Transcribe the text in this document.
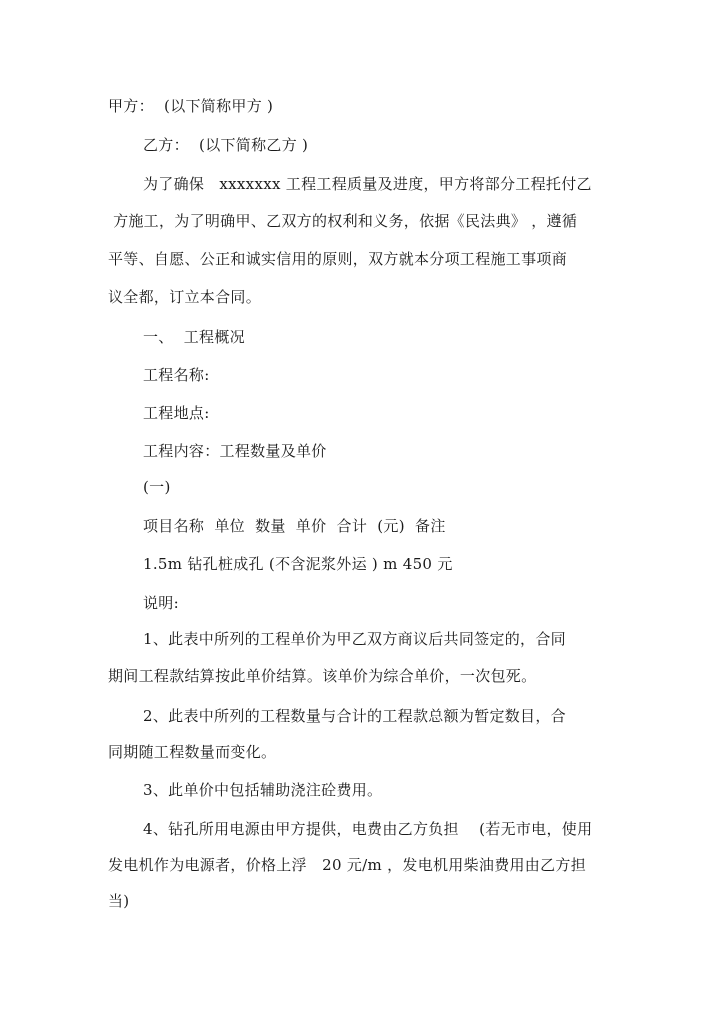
甲方：  (以下简称甲方 )
乙方：  (以下简称乙方 )
为了确保   xxxxxxx 工程工程质量及进度，甲方将部分工程托付乙
方施工，为了明确甲、乙双方的权利和义务，依据《民法典》 ，遵循
平等、自愿、公正和诚实信用的原则，双方就本分项工程施工事项商
议全都，订立本合同。
一、  工程概况
工程名称:
工程地点:
工程内容：工程数量及单价
(一)
项目名称  单位  数量  单价  合计  (元)  备注
1.5m 钻孔桩成孔 (不含泥浆外运 ) m 450 元
说明:
1、此表中所列的工程单价为甲乙双方商议后共同签定的，合同
期间工程款结算按此单价结算。该单价为综合单价，一次包死。
2、此表中所列的工程数量与合计的工程款总额为暂定数目，合
同期随工程数量而变化。
3、此单价中包括辅助浇注砼费用。
4、钻孔所用电源由甲方提供，电费由乙方负担    (若无市电，使用
发电机作为电源者，价格上浮   20 元/m ，发电机用柴油费用由乙方担
当)
